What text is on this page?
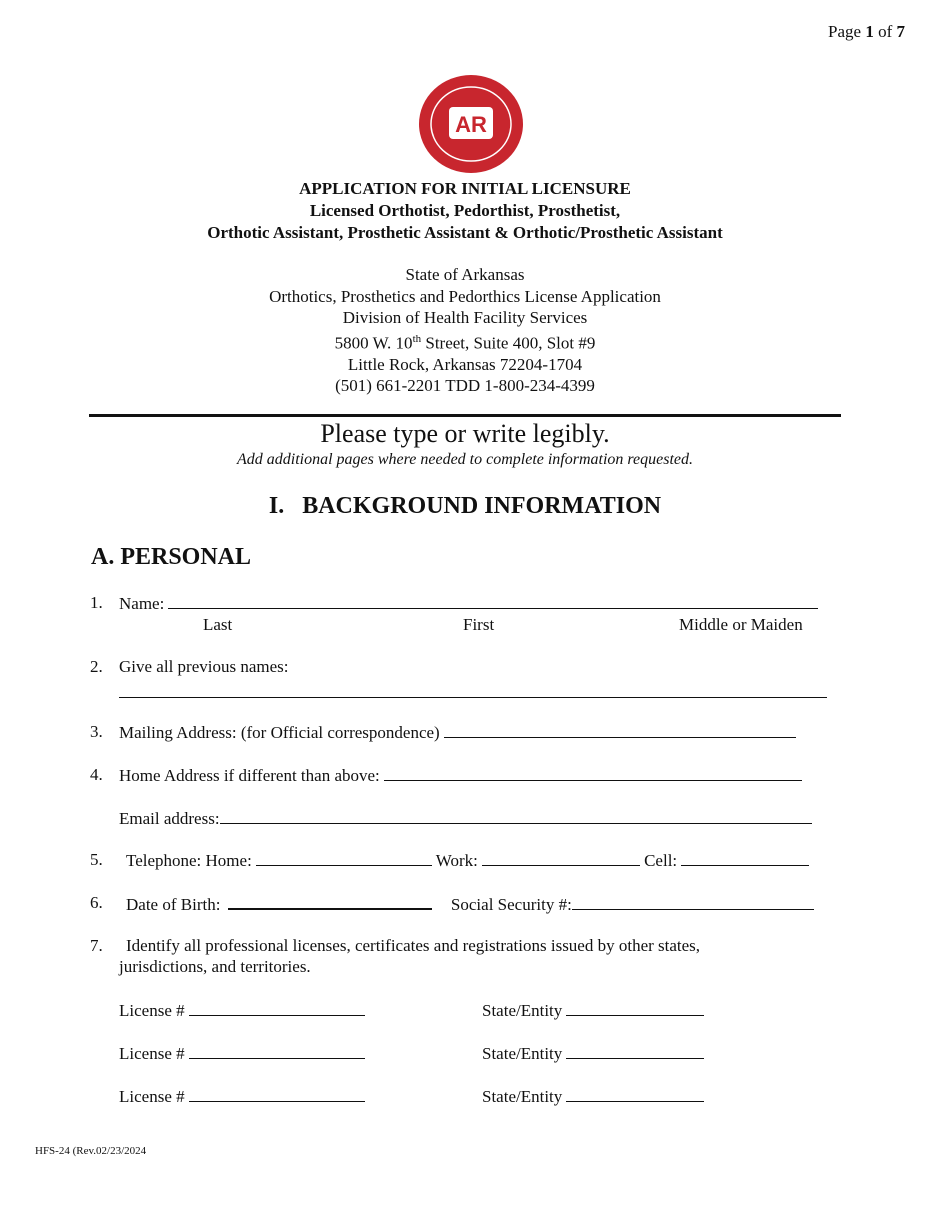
Page 1 of 7
AR
APPLICATION FOR INITIAL LICENSURE
Licensed Orthotist, Pedorthist, Prosthetist,
Orthotic Assistant, Prosthetic Assistant & Orthotic/Prosthetic Assistant
State of Arkansas
Orthotics, Prosthetics and Pedorthics License Application
Division of Health Facility Services
5800 W. 10th Street, Suite 400, Slot #9
Little Rock, Arkansas 72204-1704
(501) 661-2201 TDD 1-800-234-4399
Please type or write legibly.
Add additional pages where needed to complete information requested.
I.   BACKGROUND INFORMATION
A. PERSONAL
1. Name:
Last	First	Middle or Maiden
2. Give all previous names:
3. Mailing Address: (for Official correspondence)
4. Home Address if different than above:
Email address:
5. Telephone: Home:	Work:	Cell:
6. Date of Birth:	Social Security #:
7. Identify all professional licenses, certificates and registrations issued by other states,
jurisdictions, and territories.
License #	State/Entity
License #	State/Entity
License #	State/Entity
HFS-24 (Rev.02/23/2024
